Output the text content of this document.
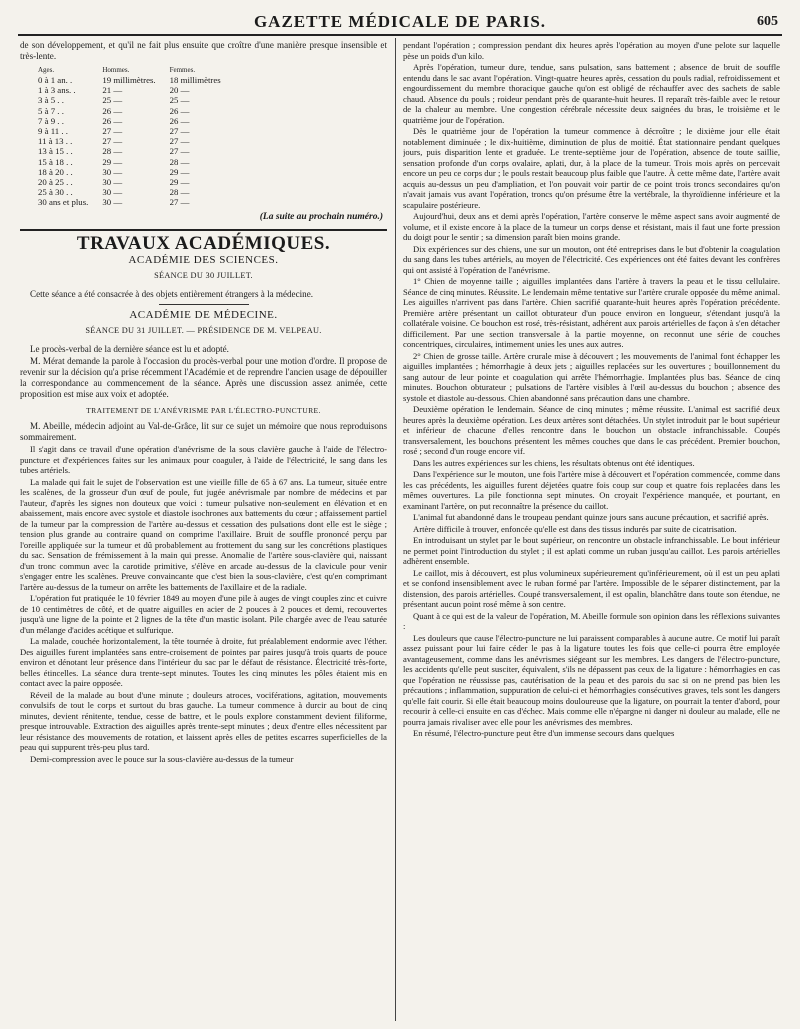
GAZETTE MÉDICALE DE PARIS.	605

de son développement, et qu'il ne fait plus ensuite que croître d'une manière presque insensible et très-lente.

Ages.	Hommes.	Femmes.
0 à 1 an. .	19 millimètres.	18 millimètres
1 à 3 ans. .	21 —	20 —
3 à 5 . .	25 —	25 —
5 à 7 . .	26 —	26 —
7 à 9 . .	26 —	26 —
9 à 11 . .	27 —	27 —
11 à 13 . .	27 —	27 —
13 à 15 . .	28 —	27 —
15 à 18 . .	29 —	28 —
18 à 20 . .	30 —	29 —
20 à 25 . .	30 —	29 —
25 à 30 . .	30 —	28 —
30 ans et plus.	30 —	27 —
(La suite au prochain numéro.)
TRAVAUX ACADÉMIQUES.
ACADÉMIE DES SCIENCES.
SÉANCE DU 30 JUILLET.

Cette séance a été consacrée à des objets entièrement étrangers à la médecine.

ACADÉMIE DE MÉDECINE.
SÉANCE DU 31 JUILLET. — PRÉSIDENCE DE M. VELPEAU.

Le procès-verbal de la dernière séance est lu et adopté.

M. Mérat demande la parole à l'occasion du procès-verbal pour une motion d'ordre. Il propose de revenir sur la décision qu'a prise récemment l'Académie et de reprendre l'ancien usage de dépouiller la correspondance au commencement de la séance. Après une discussion assez animée, cette proposition est mise aux voix et adoptée.

TRAITEMENT DE L'ANÉVRISME PAR L'ÉLECTRO-PUNCTURE.

M. Abeille, médecin adjoint au Val-de-Grâce, lit sur ce sujet un mémoire que nous reproduisons sommairement.

Il s'agit dans ce travail d'une opération d'anévrisme de la sous clavière gauche à l'aide de l'électro-puncture et d'expériences faites sur les animaux pour coaguler, à l'aide de l'électricité, le sang dans les tubes artériels.

La malade qui fait le sujet de l'observation est une vieille fille de 65 à 67 ans. La tumeur, située entre les scalènes, de la grosseur d'un œuf de poule, fut jugée anévrismale par nombre de médecins et par l'auteur, d'après les signes non douteux que voici : tumeur pulsative non-seulement en élévation et en abaissement, mais encore avec systole et diastole isochrones aux battements du cœur ; affaissement partiel de la tumeur par la compression de l'artère au-dessus et cessation des pulsations dont elle est le siège ; tension plus grande au contraire quand on comprime l'axillaire. Bruit de souffle prononcé perçu par l'oreille appliquée sur la tumeur et dû probablement au frottement du sang sur les concrétions plastiques du sac. Sensation de frémissement à la main qui presse. Anomalie de l'artère sous-clavière qui, naissant d'un tronc commun avec la carotide primitive, s'élève en arcade au-dessus de la clavicule pour venir s'engager entre les scalènes. Preuve convaincante que c'est bien la sous-clavière, c'est qu'en comprimant l'artère au-dessus de la tumeur on arrête les battements de l'axillaire et de la radiale.

L'opération fut pratiquée le 10 février 1849 au moyen d'une pile à auges de vingt couples zinc et cuivre de 10 centimètres de côté, et de quatre aiguilles en acier de 2 pouces à 2 pouces et demi, recouvertes jusqu'à une ligne de la pointe et 2 lignes de la tête d'un mastic isolant. Pile chargée avec de l'eau saturée d'un mélange d'acides acétique et sulfurique.

La malade, couchée horizontalement, la tête tournée à droite, fut préalablement endormie avec l'éther. Des aiguilles furent implantées sans entre-croisement de pointes par paires jusqu'à trois quarts de pouce environ et dénotant leur présence dans l'intérieur du sac par le défaut de résistance. Électricité très-forte, belles étincelles. La séance dura trente-sept minutes. Toutes les cinq minutes les pôles étaient mis en contact avec la paire opposée.

Réveil de la malade au bout d'une minute ; douleurs atroces, vociférations, agitation, mouvements convulsifs de tout le corps et surtout du bras gauche. La tumeur commence à durcir au bout de cinq minutes, devient rénitente, tendue, cesse de battre, et le pouls explore constamment devient filiforme, presque introuvable. Extraction des aiguilles après trente-sept minutes ; deux d'entre elles nécessitent par leur résistance des mouvements de rotation, et laissent après elles de petites escarres superficielles de la peau qui suppurent très-peu plus tard.

Demi-compression avec le pouce sur la sous-clavière au-dessus de la tumeur

pendant l'opération ; compression pendant dix heures après l'opération au moyen d'une pelote sur laquelle pèse un poids d'un kilo.

Après l'opération, tumeur dure, tendue, sans pulsation, sans battement ; absence de bruit de souffle entendu dans le sac avant l'opération. Vingt-quatre heures après, cessation du pouls radial, refroidissement et engourdissement du membre thoracique gauche qu'on est obligé de réchauffer avec des sachets de sable chaud. Absence du pouls ; roideur pendant près de quarante-huit heures. Il reparaît très-faible avec le retour de la chaleur au membre. Une congestion cérébrale nécessite deux saignées du bras, le troisième et le quatrième jour de l'opération.

Dès le quatrième jour de l'opération la tumeur commence à décroître ; le dixième jour elle était notablement diminuée ; le dix-huitième, diminution de plus de moitié. État stationnaire pendant quelques jours, puis disparition lente et graduée. Le trente-septième jour de l'opération, absence de toute saillie, sensation profonde d'un corps ovalaire, aplati, dur, à la place de la tumeur. Trois mois après on percevait encore un peu ce corps dur ; le pouls restait beaucoup plus faible que l'autre. À cette même date, l'artère avait acquis au-dessus un peu d'ampliation, et l'on pouvait voir partir de ce point trois troncs secondaires qu'on n'avait jamais vus avant l'opération, troncs qu'on présume être la vertébrale, la thyroïdienne inférieure et la scapulaire postérieure.

Aujourd'hui, deux ans et demi après l'opération, l'artère conserve le même aspect sans avoir augmenté de volume, et il existe encore à la place de la tumeur un corps dense et résistant, mais il faut une forte pression du doigt pour le sentir ; sa dimension paraît bien moins grande.

Dix expériences sur des chiens, une sur un mouton, ont été entreprises dans le but d'obtenir la coagulation du sang dans les tubes artériels, au moyen de l'électricité. Ces expériences ont été faites devant les confrères qui ont assisté à l'opération de l'anévrisme.

1° Chien de moyenne taille ; aiguilles implantées dans l'artère à travers la peau et le tissu cellulaire. Séance de cinq minutes. Réussite. Le lendemain même tentative sur l'artère crurale opposée du même animal. Les aiguilles n'arrivent pas dans l'artère. Chien sacrifié quarante-huit heures après l'opération précédente. Première artère présentant un caillot obturateur d'un pouce environ en longueur, s'étendant jusqu'à la collatérale voisine. Ce bouchon est rosé, très-résistant, adhérent aux parois artérielles de façon à s'en détacher difficilement. Par une section transversale à la partie moyenne, on reconnut une série de couches concentriques, circulaires, intimement unies les unes aux autres.

2° Chien de grosse taille. Artère crurale mise à découvert ; les mouvements de l'animal font échapper les aiguilles implantées ; hémorrhagie à deux jets ; aiguilles replacées sur les ouvertures ; bouillonnement du sang autour de leur pointe et coagulation qui arrête l'hémorrhagie. Implantées plus bas. Séance de cinq minutes. Bouchon obturateur ; pulsations de l'artère visibles à l'œil au-dessus du bouchon ; absence des systole et diastole au-dessous. Chien abandonné sans précaution dans une chambre.

Deuxième opération le lendemain. Séance de cinq minutes ; même réussite. L'animal est sacrifié deux heures après la deuxième opération. Les deux artères sont détachées. Un stylet introduit par le bout supérieur et inférieur de chacune d'elles rencontre dans le bouchon un obstacle infranchissable. Coupés transversalement, les bouchons présentent les mêmes couches que dans le cas précédent. Premier bouchon, rosé ; second d'un rouge encore vif.

Dans les autres expériences sur les chiens, les résultats obtenus ont été identiques.

Dans l'expérience sur le mouton, une fois l'artère mise à découvert et l'opération commencée, comme dans les cas précédents, les aiguilles furent déjetées quatre fois coup sur coup et quatre fois replacées dans les mêmes ouvertures. La pile fonctionna sept minutes. On croyait l'expérience manquée, et pourtant, en examinant l'artère, on put reconnaître la présence du caillot.

L'animal fut abandonné dans le troupeau pendant quinze jours sans aucune précaution, et sacrifié après.

Artère difficile à trouver, enfoncée qu'elle est dans des tissus indurés par suite de cicatrisation.

En introduisant un stylet par le bout supérieur, on rencontre un obstacle infranchissable. Le bout inférieur ne permet point l'introduction du stylet ; il est aplati comme un ruban jusqu'au caillot. Les parois artérielles adhèrent ensemble.

Le caillot, mis à découvert, est plus volumineux supérieurement qu'inférieurement, où il est un peu aplati et se confond insensiblement avec le ruban formé par l'artère. Impossible de le séparer distinctement, par la distension, des parois artérielles. Coupé transversalement, il est opalin, blanchâtre dans toute son étendue, ne présentant aucun point rosé même à son centre.

Quant à ce qui est de la valeur de l'opération, M. Abeille formule son opinion dans les réflexions suivantes :

Les douleurs que cause l'électro-puncture ne lui paraissent comparables à aucune autre. Ce motif lui paraît assez puissant pour lui faire céder le pas à la ligature toutes les fois que celle-ci pourra être employée avantageusement, comme dans les anévrismes siégeant sur les membres. Les dangers de l'électro-puncture, les accidents qu'elle peut susciter, équivalent, s'ils ne dépassent pas ceux de la ligature : hémorrhagies en cas que l'opération ne réussisse pas, cautérisation de la peau et des parois du sac si on ne prend pas bien les précautions ; inflammation, suppuration de celui-ci et hémorrhagies consécutives graves, tels sont les dangers qu'elle fait courir. Si elle était beaucoup moins douloureuse que la ligature, on pourrait la tenter d'abord, pour recourir à celle-ci ensuite en cas d'échec. Mais comme elle n'épargne ni danger ni douleur au malade, elle ne pourra jamais rivaliser avec elle pour les anévrismes des membres.

En résumé, l'électro-puncture peut être d'un immense secours dans quelques
